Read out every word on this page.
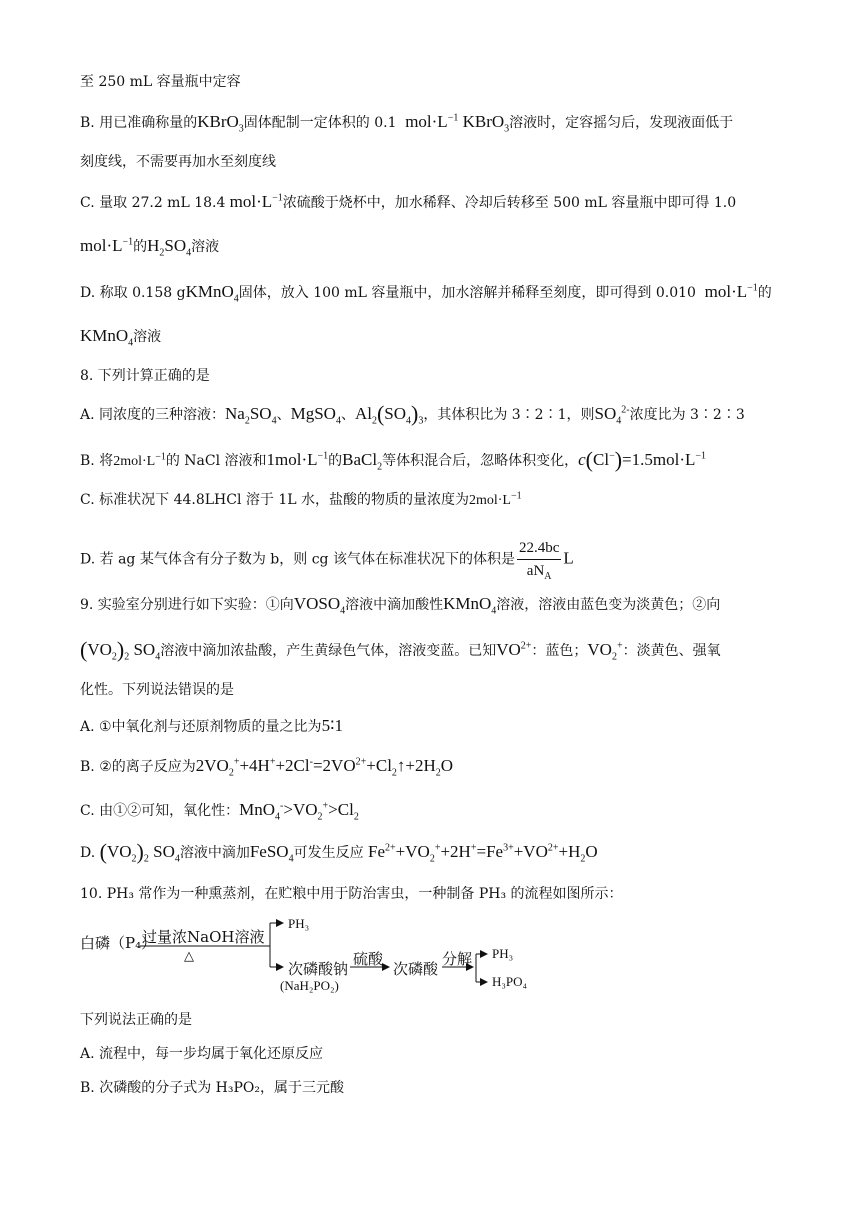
至 250 mL 容量瓶中定容
B. 用已准确称量的KBrO$_3$固体配制一定体积的 0.1  $mol\cdot L^{-1}$ KBrO$_3$溶液时，定容摇匀后，发现液面低于
刻度线，不需要再加水至刻度线
C. 量取 27.2 mL 18.4 $mol\cdot L^{-1}$浓硫酸于烧杯中，加水稀释、冷却后转移至 500 mL 容量瓶中即可得 1.0
$mol\cdot L^{-1}$的$H_2SO_4$溶液
D. 称取 0.158 gKMnO$_4$固体，放入 100 mL 容量瓶中，加水溶解并稀释至刻度，即可得到 0.010  $mol\cdot L^{-1}$的
KMnO$_4$溶液
8. 下列计算正确的是
A. 同浓度的三种溶液：$Na_2SO_4$、MgSO$_4$、$Al_2(SO_4)_3$，其体积比为 3∶2∶1，则$SO_4^{2-}$浓度比为 3∶2∶3
B. 将$2mol\cdot L^{-1}$的 NaCl 溶液和$1mol\cdot L^{-1}$的BaCl$_2$等体积混合后，忽略体积变化，$c(Cl^-)=1.5mol\cdot L^{-1}$
C. 标准状况下 44.8LHCl 溶于 1L 水，盐酸的物质的量浓度为$2mol\cdot L^{-1}$
D. 若 ag 某气体含有分子数为 b，则 cg 该气体在标准状况下的体积是 $\frac{22.4bc}{aN_A}$ L
9. 实验室分别进行如下实验：①向$VOSO_4$溶液中滴加酸性KMnO$_4$溶液，溶液由蓝色变为淡黄色；②向
$(VO_2)_2$ $SO_4$溶液中滴加浓盐酸，产生黄绿色气体，溶液变蓝。已知$VO^{2+}$：蓝色；$VO_2^+$：淡黄色、强氧
化性。下列说法错误的是
A. ①中氧化剂与还原剂物质的量之比为5∶1
B. ②的离子反应为$2VO_2^++4H^++2Cl^-=2VO^{2+}+Cl_2↑+2H_2O$
C. 由①②可知，氧化性：$MnO_4^->VO_2^+>Cl_2$
D. $(VO_2)_2$ $SO_4$溶液中滴加FeSO$_4$可发生反应 $Fe^{2+}+VO_2^++2H^+=Fe^{3+}+VO^{2+}+H_2O$
10. PH₃ 常作为一种熏蒸剂，在贮粮中用于防治害虫，一种制备 PH₃ 的流程如图所示：
白磷（P₄）
过量浓NaOH溶液
△
PH₃
次磷酸钠
(NaH₂PO₂)
硫酸
次磷酸
分解 PH₃
H₃PO₄
下列说法正确的是
A. 流程中，每一步均属于氧化还原反应
B. 次磷酸的分子式为 H₃PO₂，属于三元酸
